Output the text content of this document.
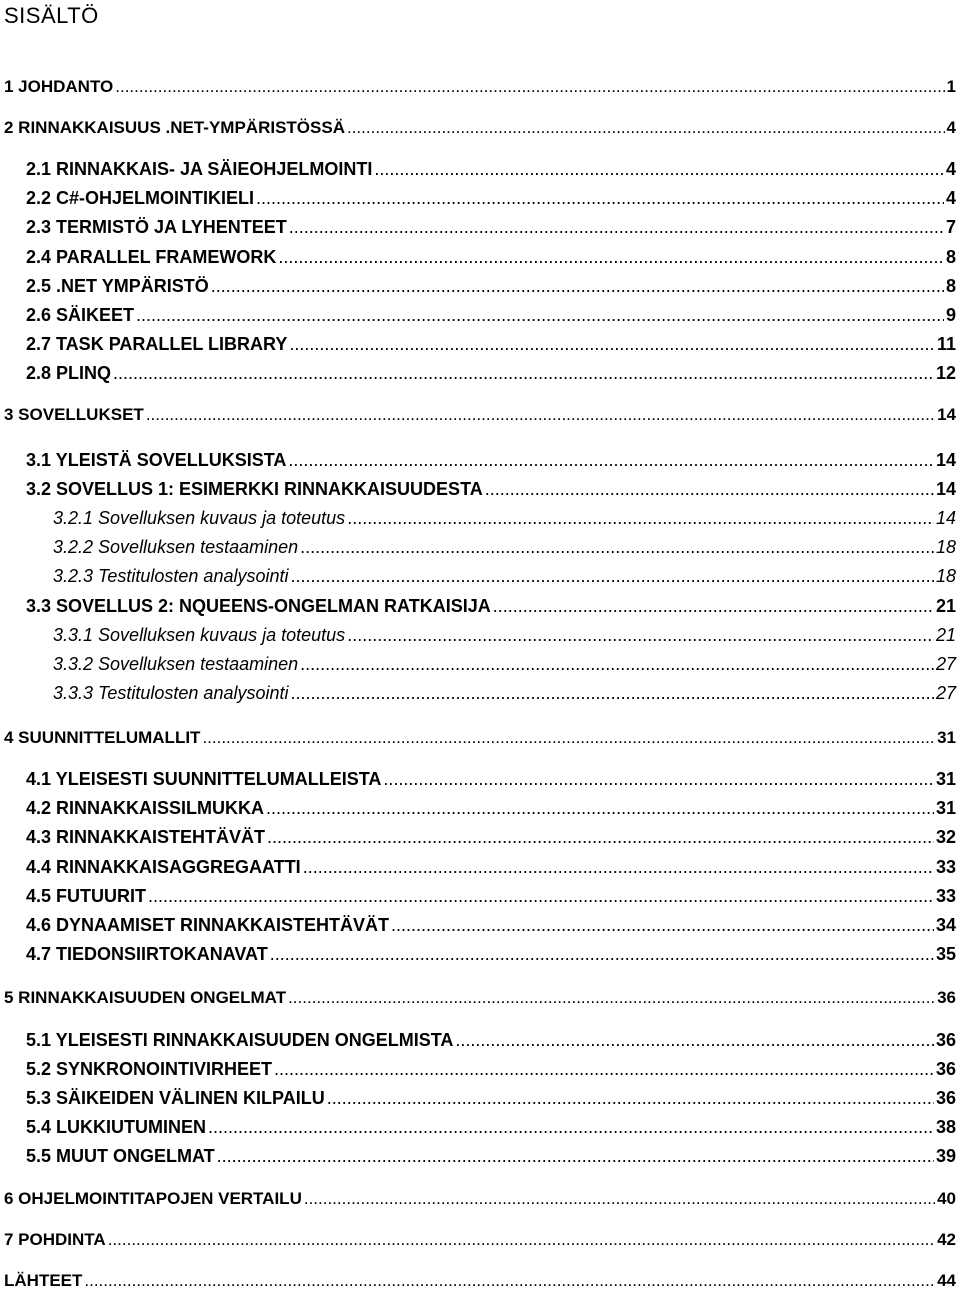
SISÄLTÖ
1 JOHDANTO .....	1
2 RINNAKKAISUUS .NET-YMPÄRISTÖSSÄ .....	4
2.1 RINNAKKAIS- JA SÄIEOHJELMOINTI .....	4
2.2 C#-OHJELMOINTIKIELI .....	4
2.3 TERMISTÖ JA LYHENTEET .....	7
2.4 PARALLEL FRAMEWORK .....	8
2.5 .NET YMPÄRISTÖ .....	8
2.6 SÄIKEET .....	9
2.7 TASK PARALLEL LIBRARY .....	11
2.8 PLINQ .....	12
3 SOVELLUKSET .....	14
3.1 YLEISTÄ SOVELLUKSISTA .....	14
3.2 SOVELLUS 1: ESIMERKKI RINNAKKAISUUDESTA .....	14
3.2.1 Sovelluksen kuvaus ja toteutus .....	14
3.2.2 Sovelluksen testaaminen .....	18
3.2.3 Testitulosten analysointi .....	18
3.3 SOVELLUS 2: NQUEENS-ONGELMAN RATKAISIJA .....	21
3.3.1 Sovelluksen kuvaus ja toteutus .....	21
3.3.2 Sovelluksen testaaminen .....	27
3.3.3 Testitulosten analysointi .....	27
4 SUUNNITTELUMALLIT .....	31
4.1 YLEISESTI SUUNNITTELUMALLEISTA .....	31
4.2 RINNAKKAISSILMUKKA .....	31
4.3 RINNAKKAISTEHTÄVÄT .....	32
4.4 RINNAKKAISAGGREGAATTI .....	33
4.5 FUTUURIT .....	33
4.6 DYNAAMISET RINNAKKAISTEHTÄVÄT .....	34
4.7 TIEDONSIIRTOKANAVAT .....	35
5 RINNAKKAISUUDEN ONGELMAT .....	36
5.1 YLEISESTI RINNAKKAISUUDEN ONGELMISTA .....	36
5.2 SYNKRONOINTIVIRHEET .....	36
5.3 SÄIKEIDEN VÄLINEN KILPAILU .....	36
5.4 LUKKIUTUMINEN .....	38
5.5 MUUT ONGELMAT .....	39
6 OHJELMOINTITAPOJEN VERTAILU .....	40
7 POHDINTA .....	42
LÄHTEET .....	44
